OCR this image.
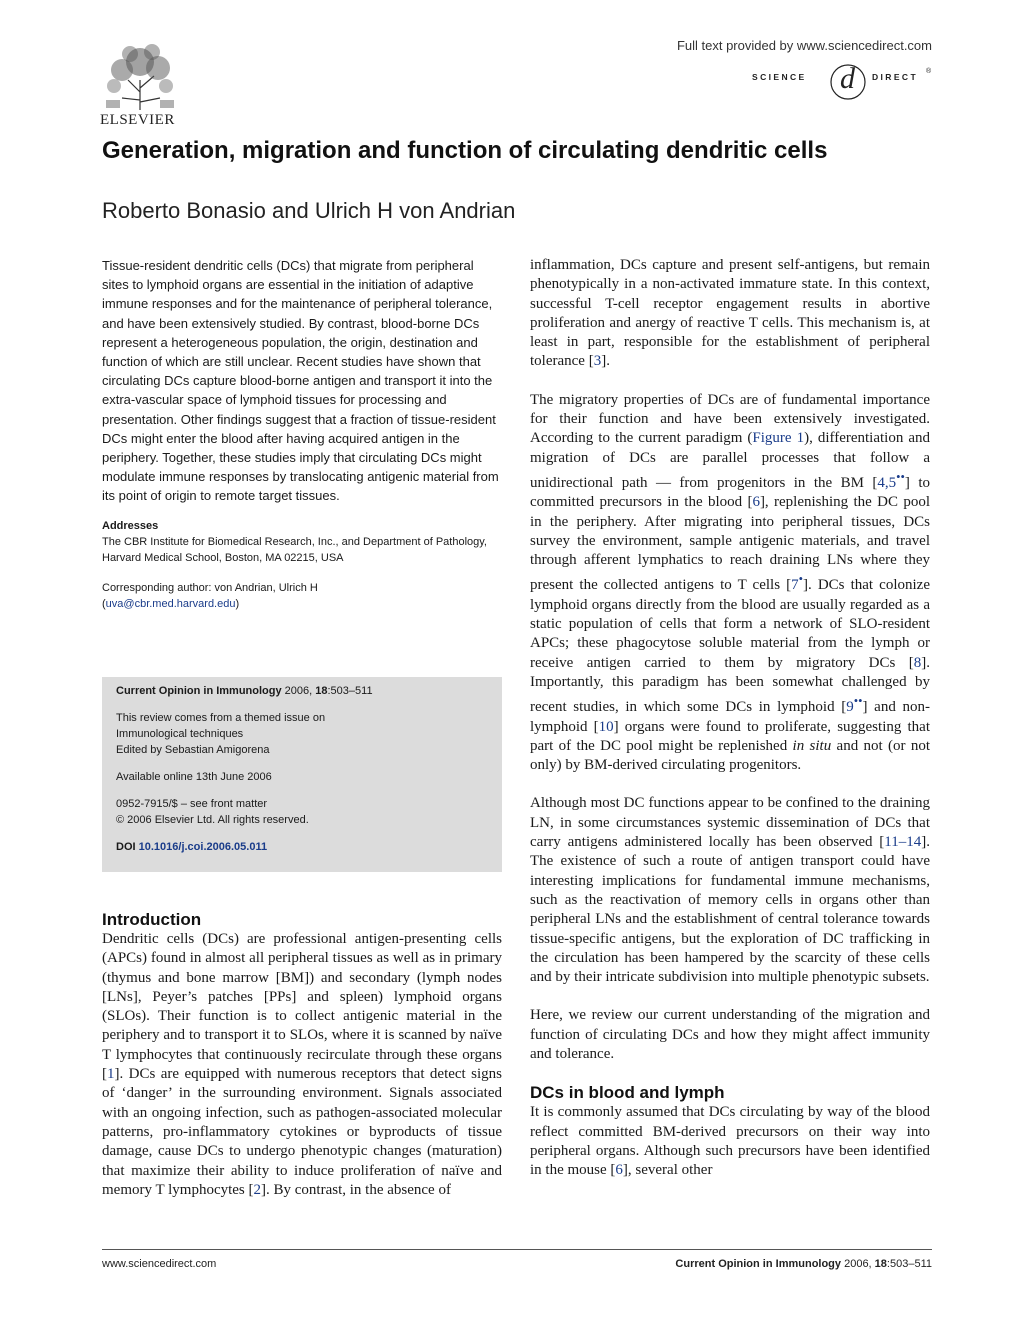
ELSEVIER
Full text provided by www.sciencedirect.com
SCIENCE d DIRECT
®
Generation, migration and function of circulating dendritic cells
Roberto Bonasio and Ulrich H von Andrian

Tissue-resident dendritic cells (DCs) that migrate from peripheral sites to lymphoid organs are essential in the initiation of adaptive immune responses and for the maintenance of peripheral tolerance, and have been extensively studied. By contrast, blood-borne DCs represent a heterogeneous population, the origin, destination and function of which are still unclear. Recent studies have shown that circulating DCs capture blood-borne antigen and transport it into the extra-vascular space of lymphoid tissues for processing and presentation. Other findings suggest that a fraction of tissue-resident DCs might enter the blood after having acquired antigen in the periphery. Together, these studies imply that circulating DCs might modulate immune responses by translocating antigenic material from its point of origin to remote target tissues.

Addresses

The CBR Institute for Biomedical Research, Inc., and Department of Pathology, Harvard Medical School, Boston, MA 02215, USA

Corresponding author: von Andrian, Ulrich H
(uva@cbr.med.harvard.edu)

Current Opinion in Immunology 2006, 18:503–511

This review comes from a themed issue on
Immunological techniques
Edited by Sebastian Amigorena

Available online 13th June 2006

0952-7915/$ – see front matter
© 2006 Elsevier Ltd. All rights reserved.

DOI 10.1016/j.coi.2006.05.011

Introduction

Dendritic cells (DCs) are professional antigen-presenting cells (APCs) found in almost all peripheral tissues as well as in primary (thymus and bone marrow [BM]) and secondary (lymph nodes [LNs], Peyer’s patches [PPs] and spleen) lymphoid organs (SLOs). Their function is to collect antigenic material in the periphery and to transport it to SLOs, where it is scanned by naïve T lymphocytes that continuously recirculate through these organs [1]. DCs are equipped with numerous receptors that detect signs of ‘danger’ in the surrounding environment. Signals associated with an ongoing infection, such as pathogen-associated molecular patterns, pro-inflammatory cytokines or byproducts of tissue damage, cause DCs to undergo phenotypic changes (maturation) that maximize their ability to induce proliferation of naïve and memory T lymphocytes [2]. By contrast, in the absence of

inflammation, DCs capture and present self-antigens, but remain phenotypically in a non-activated immature state. In this context, successful T-cell receptor engagement results in abortive proliferation and anergy of reactive T cells. This mechanism is, at least in part, responsible for the establishment of peripheral tolerance [3].

The migratory properties of DCs are of fundamental importance for their function and have been extensively investigated. According to the current paradigm (Figure 1), differentiation and migration of DCs are parallel processes that follow a unidirectional path — from progenitors in the BM [4,5••] to committed precursors in the blood [6], replenishing the DC pool in the periphery. After migrating into peripheral tissues, DCs survey the environment, sample antigenic materials, and travel through afferent lymphatics to reach draining LNs where they present the collected antigens to T cells [7•]. DCs that colonize lymphoid organs directly from the blood are usually regarded as a static population of cells that form a network of SLO-resident APCs; these phagocytose soluble material from the lymph or receive antigen carried to them by migratory DCs [8]. Importantly, this paradigm has been somewhat challenged by recent studies, in which some DCs in lymphoid [9••] and non-lymphoid [10] organs were found to proliferate, suggesting that part of the DC pool might be replenished in situ and not (or not only) by BM-derived circulating progenitors.

Although most DC functions appear to be confined to the draining LN, in some circumstances systemic dissemination of DCs that carry antigens administered locally has been observed [11–14]. The existence of such a route of antigen transport could have interesting implications for fundamental immune mechanisms, such as the reactivation of memory cells in organs other than peripheral LNs and the establishment of central tolerance towards tissue-specific antigens, but the exploration of DC trafficking in the circulation has been hampered by the scarcity of these cells and by their intricate subdivision into multiple phenotypic subsets.

Here, we review our current understanding of the migration and function of circulating DCs and how they might affect immunity and tolerance.

DCs in blood and lymph

It is commonly assumed that DCs circulating by way of the blood reflect committed BM-derived precursors on their way into peripheral organs. Although such precursors have been identified in the mouse [6], several other

www.sciencedirect.com	Current Opinion in Immunology 2006, 18:503–511
